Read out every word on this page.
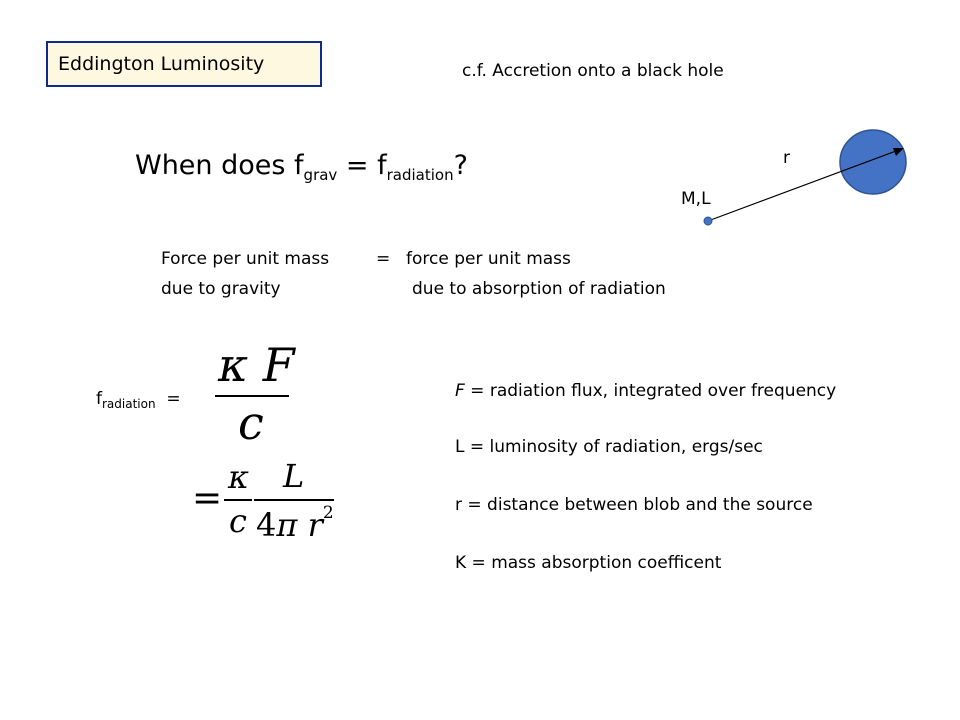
Eddington Luminosity	c.f. Accretion onto a black hole
When does $f_{grav} = f_{radiation}$?	r
M,L
Force per unit mass	= force per unit mass
due to gravity	due to absorption of radiation
$f_{radiation}$ =
κ F
c
=
κ
c
L
4π $r^2$
F = radiation flux, integrated over frequency
L = luminosity of radiation, ergs/sec
r = distance between blob and the source
K = mass absorption coefficent
